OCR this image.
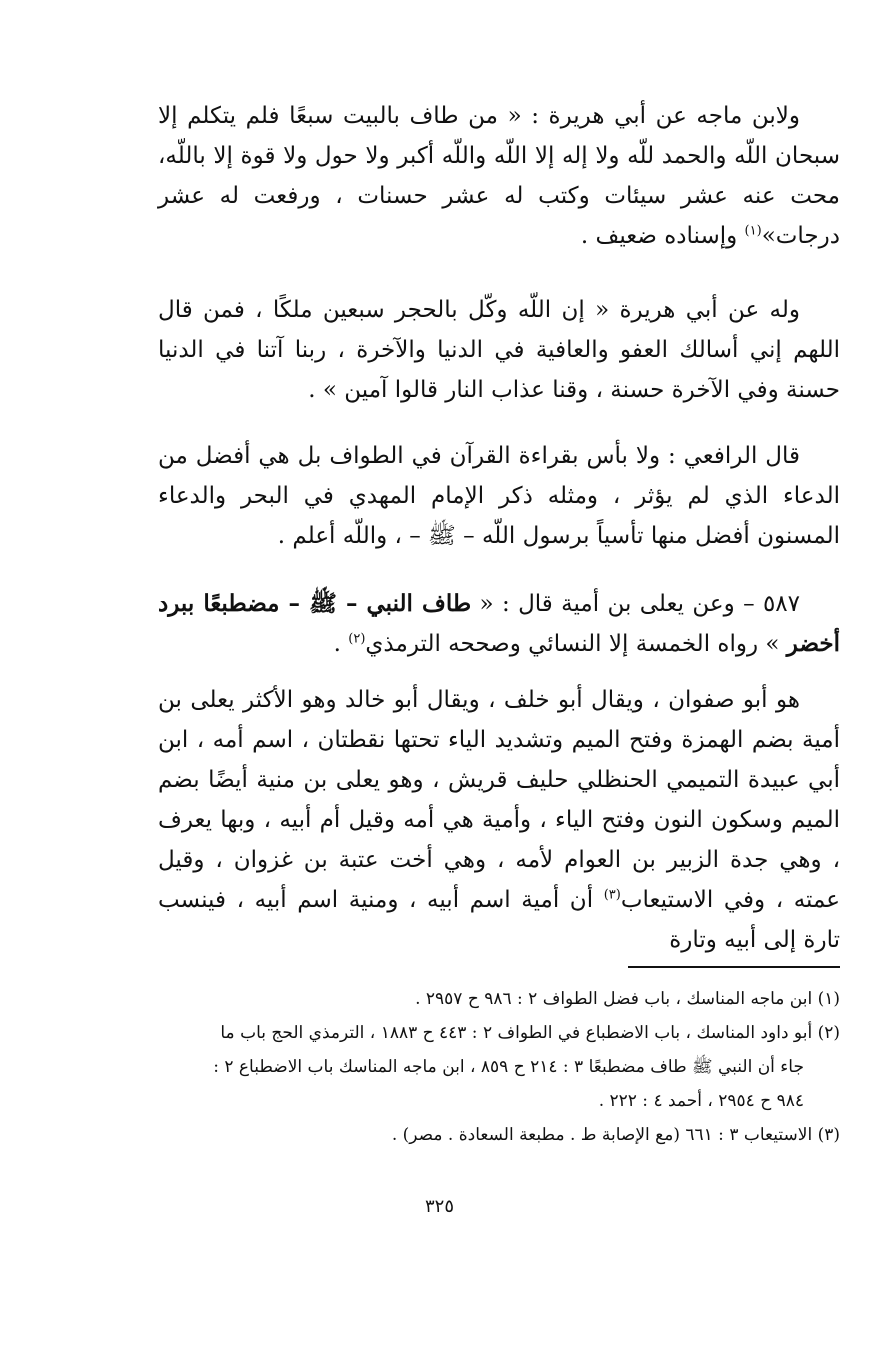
ولابن ماجه عن أبي هريرة : « من طاف بالبيت سبعًا فلم يتكلم إلا سبحان اللّه والحمد للّه ولا إله إلا اللّه واللّه أكبر ولا حول ولا قوة إلا باللّه، محت عنه عشر سيئات وكتب له عشر حسنات ، ورفعت له عشر درجات»$^{(١)}$ وإسناده ضعيف .
وله عن أبي هريرة « إن اللّه وكّل بالحجر سبعين ملكًا ، فمن قال اللهم إني أسالك العفو والعافية في الدنيا والآخرة ، ربنا آتنا في الدنيا حسنة وفي الآخرة حسنة ، وقنا عذاب النار قالوا آمين » .
قال الرافعي : ولا بأس بقراءة القرآن في الطواف بل هي أفضل من الدعاء الذي لم يؤثر ، ومثله ذكر الإمام المهدي في البحر والدعاء المسنون أفضل منها تأسياً برسول اللّه – ﷺ – ، واللّه أعلم .
٥٨٧ – وعن يعلى بن أمية قال : « طاف النبي – ﷺ – مضطبعًا ببرد أخضر » رواه الخمسة إلا النسائي وصححه الترمذي$^{(٢)}$ .
هو أبو صفوان ، ويقال أبو خلف ، ويقال أبو خالد وهو الأكثر يعلى بن أمية بضم الهمزة وفتح الميم وتشديد الياء تحتها نقطتان ، اسم أمه ، ابن أبي عبيدة التميمي الحنظلي حليف قريش ، وهو يعلى بن منية أيضًا بضم الميم وسكون النون وفتح الياء ، وأمية هي أمه وقيل أم أبيه ، وبها يعرف ، وهي جدة الزبير بن العوام لأمه ، وهي أخت عتبة بن غزوان ، وقيل عمته ، وفي الاستيعاب$^{(٣)}$ أن أمية اسم أبيه ، ومنية اسم أبيه ، فينسب تارة إلى أبيه وتارة
(١) ابن ماجه المناسك ، باب فضل الطواف ٢ : ٩٨٦ ح ٢٩٥٧ .
(٢) أبو داود المناسك ، باب الاضطباع في الطواف ٢ : ٤٤٣ ح ١٨٨٣ ، الترمذي الحج باب ما
جاء أن النبي ﷺ طاف مضطبعًا ٣ : ٢١٤ ح ٨٥٩ ، ابن ماجه المناسك باب الاضطباع ٢ :
٩٨٤ ح ٢٩٥٤ ، أحمد ٤ : ٢٢٢ .
(٣) الاستيعاب ٣ : ٦٦١ (مع الإصابة ط . مطبعة السعادة . مصر) .
٣٢٥
